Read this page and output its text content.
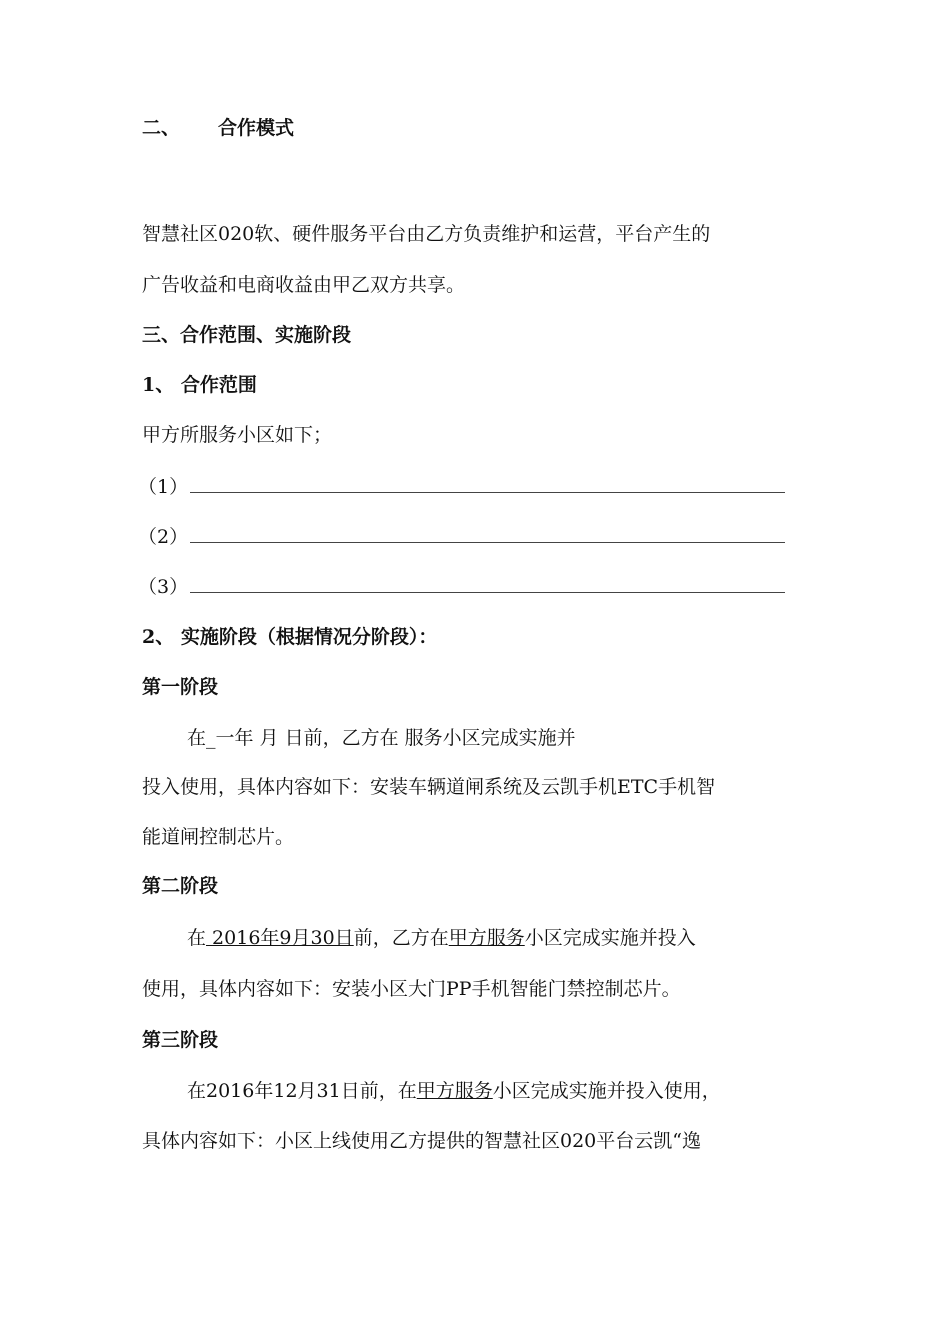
二、 合作模式
智慧社区020软、硬件服务平台由乙方负责维护和运营，平台产生的
广告收益和电商收益由甲乙双方共享。
三、合作范围、实施阶段
1、 合作范围
甲方所服务小区如下；
（1）
（2）
（3）
2、 实施阶段（根据情况分阶段）：
第一阶段
在_一年 月 日前，乙方在 服务小区完成实施并
投入使用，具体内容如下：安装车辆道闸系统及云凯手机ETC手机智
能道闸控制芯片。
第二阶段
在 2016年9月30日前，乙方在甲方服务小区完成实施并投入
使用，具体内容如下：安装小区大门PP手机智能门禁控制芯片。
第三阶段
在2016年12月31日前，在甲方服务小区完成实施并投入使用，
具体内容如下：小区上线使用乙方提供的智慧社区020平台云凯“逸
